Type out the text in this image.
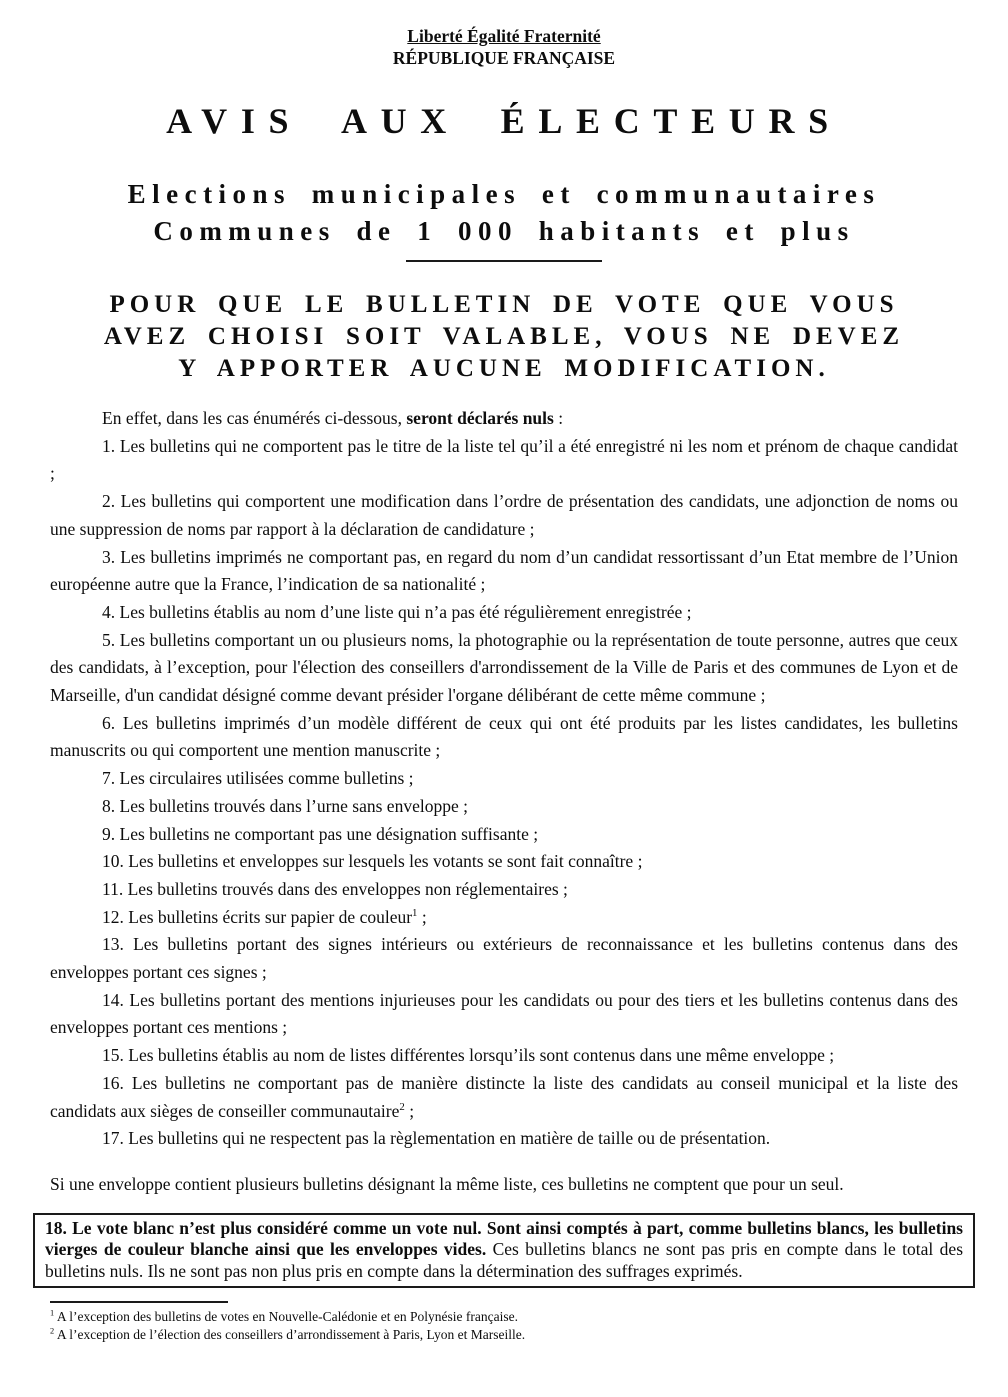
Liberté Égalité Fraternité
RÉPUBLIQUE FRANÇAISE
AVIS AUX ÉLECTEURS
Elections municipales et communautaires
Communes de 1 000 habitants et plus
POUR QUE LE BULLETIN DE VOTE QUE VOUS
AVEZ CHOISI SOIT VALABLE, VOUS NE DEVEZ
Y APPORTER AUCUNE MODIFICATION.

En effet, dans les cas énumérés ci-dessous, seront déclarés nuls :

1. Les bulletins qui ne comportent pas le titre de la liste tel qu’il a été enregistré ni les nom et prénom de chaque candidat ;

2. Les bulletins qui comportent une modification dans l’ordre de présentation des candidats, une adjonction de noms ou une suppression de noms par rapport à la déclaration de candidature ;

3. Les bulletins imprimés ne comportant pas, en regard du nom d’un candidat ressortissant d’un Etat membre de l’Union européenne autre que la France, l’indication de sa nationalité ;

4. Les bulletins établis au nom d’une liste qui n’a pas été régulièrement enregistrée ;

5. Les bulletins comportant un ou plusieurs noms, la photographie ou la représentation de toute personne, autres que ceux des candidats, à l’exception, pour l'élection des conseillers d'arrondissement de la Ville de Paris et des communes de Lyon et de Marseille, d'un candidat désigné comme devant présider l'organe délibérant de cette même commune ;

6. Les bulletins imprimés d’un modèle différent de ceux qui ont été produits par les listes candidates, les bulletins manuscrits ou qui comportent une mention manuscrite ;

7. Les circulaires utilisées comme bulletins ;

8. Les bulletins trouvés dans l’urne sans enveloppe ;

9. Les bulletins ne comportant pas une désignation suffisante ;

10. Les bulletins et enveloppes sur lesquels les votants se sont fait connaître ;

11. Les bulletins trouvés dans des enveloppes non réglementaires ;

12. Les bulletins écrits sur papier de couleur$^1$ ;

13. Les bulletins portant des signes intérieurs ou extérieurs de reconnaissance et les bulletins contenus dans des enveloppes portant ces signes ;

14. Les bulletins portant des mentions injurieuses pour les candidats ou pour des tiers et les bulletins contenus dans des enveloppes portant ces mentions ;

15. Les bulletins établis au nom de listes différentes lorsqu’ils sont contenus dans une même enveloppe ;

16. Les bulletins ne comportant pas de manière distincte la liste des candidats au conseil municipal et la liste des candidats aux sièges de conseiller communautaire$^2$ ;

17. Les bulletins qui ne respectent pas la règlementation en matière de taille ou de présentation.

Si une enveloppe contient plusieurs bulletins désignant la même liste, ces bulletins ne comptent que pour un seul.

18. Le vote blanc n’est plus considéré comme un vote nul. Sont ainsi comptés à part, comme bulletins blancs, les bulletins vierges de couleur blanche ainsi que les enveloppes vides. Ces bulletins blancs ne sont pas pris en compte dans le total des bulletins nuls. Ils ne sont pas non plus pris en compte dans la détermination des suffrages exprimés.
$^1$ A l’exception des bulletins de votes en Nouvelle-Calédonie et en Polynésie française.
$^2$ A l’exception de l’élection des conseillers d’arrondissement à Paris, Lyon et Marseille.
